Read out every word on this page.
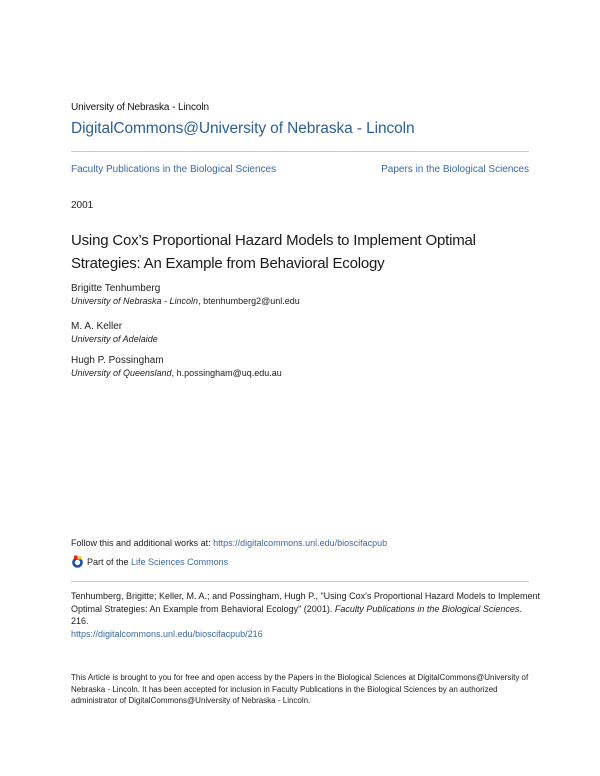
University of Nebraska - Lincoln
DigitalCommons@University of Nebraska - Lincoln
Faculty Publications in the Biological Sciences	Papers in the Biological Sciences
2001
Using Cox’s Proportional Hazard Models to Implement Optimal Strategies: An Example from Behavioral Ecology
Brigitte Tenhumberg
University of Nebraska - Lincoln, btenhumberg2@unl.edu
M. A. Keller
University of Adelaide
Hugh P. Possingham
University of Queensland, h.possingham@uq.edu.au
Follow this and additional works at: https://digitalcommons.unl.edu/bioscifacpub
Part of the
Life Sciences Commons
Tenhumberg, Brigitte; Keller, M. A.; and Possingham, Hugh P., "Using Cox's Proportional Hazard Models to Implement Optimal Strategies: An Example from Behavioral Ecology" (2001). Faculty Publications in the Biological Sciences. 216.
https://digitalcommons.unl.edu/bioscifacpub/216
This Article is brought to you for free and open access by the Papers in the Biological Sciences at DigitalCommons@University of Nebraska - Lincoln. It has been accepted for inclusion in Faculty Publications in the Biological Sciences by an authorized administrator of DigitalCommons@University of Nebraska - Lincoln.
